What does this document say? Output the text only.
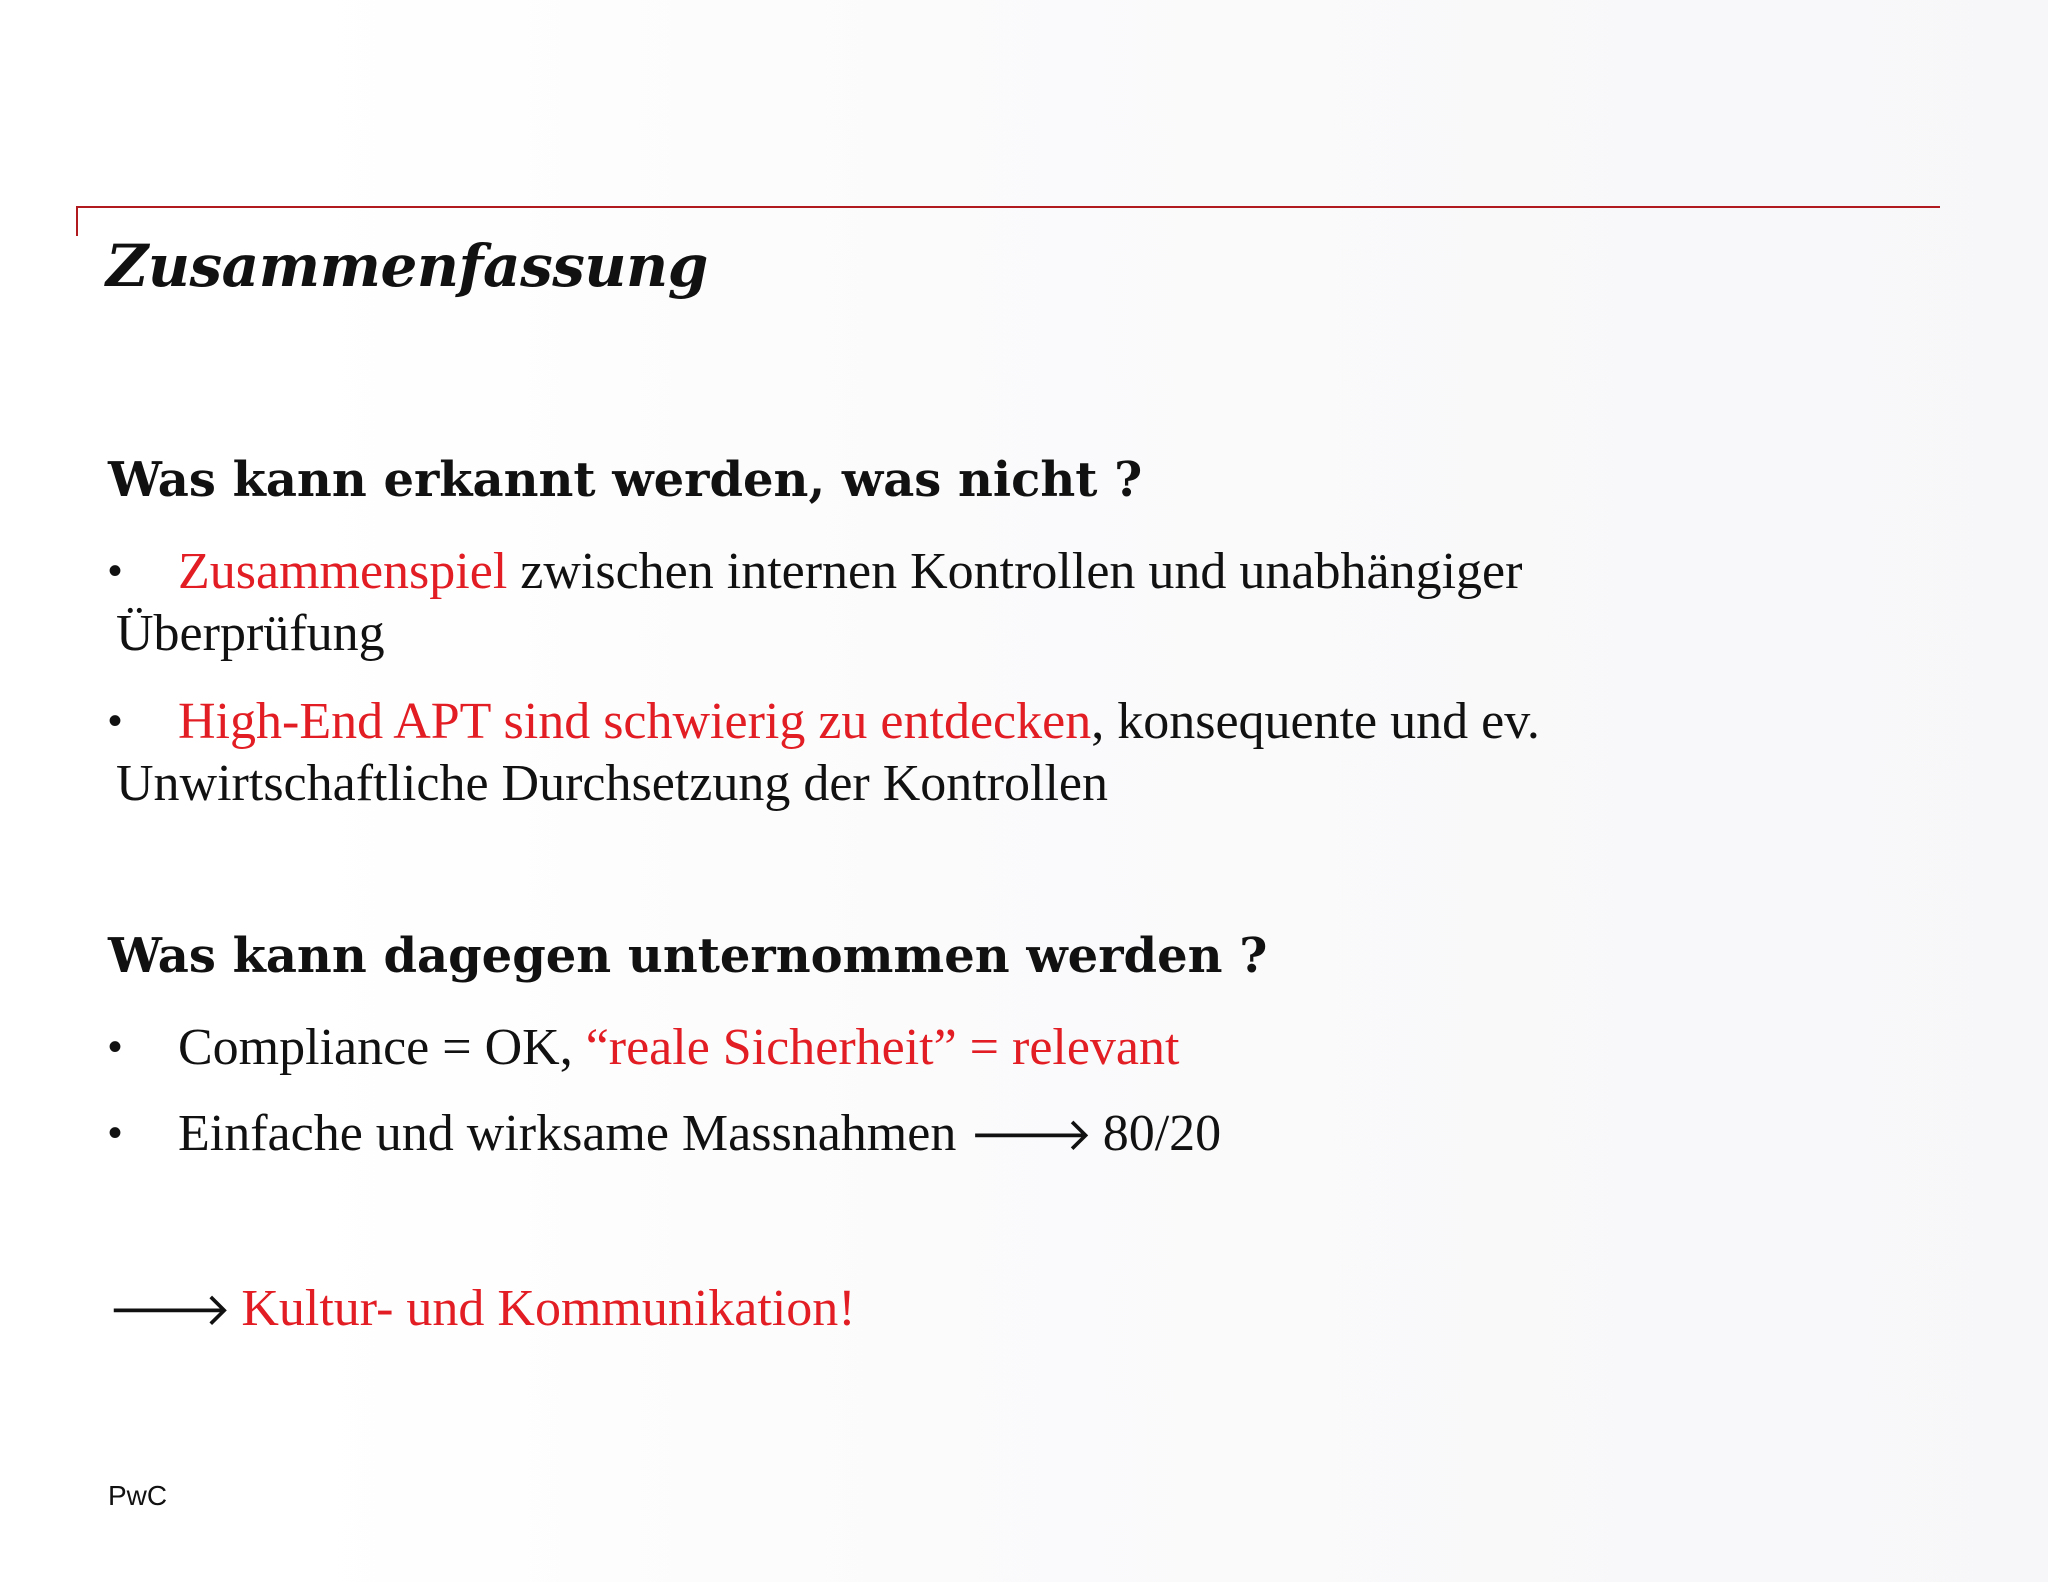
Zusammenfassung
Was kann erkannt werden, was nicht ?
• Zusammenspiel zwischen internen Kontrollen und unabhängiger
Überprüfung
• High-End APT sind schwierig zu entdecken, konsequente und ev.
Unwirtschaftliche Durchsetzung der Kontrollen
Was kann dagegen unternommen werden ?
• Compliance = OK, “reale Sicherheit” = relevant
• Einfache und wirksame Massnahmen 🡒 80/20
🡒 Kultur- und Kommunikation!
PwC
